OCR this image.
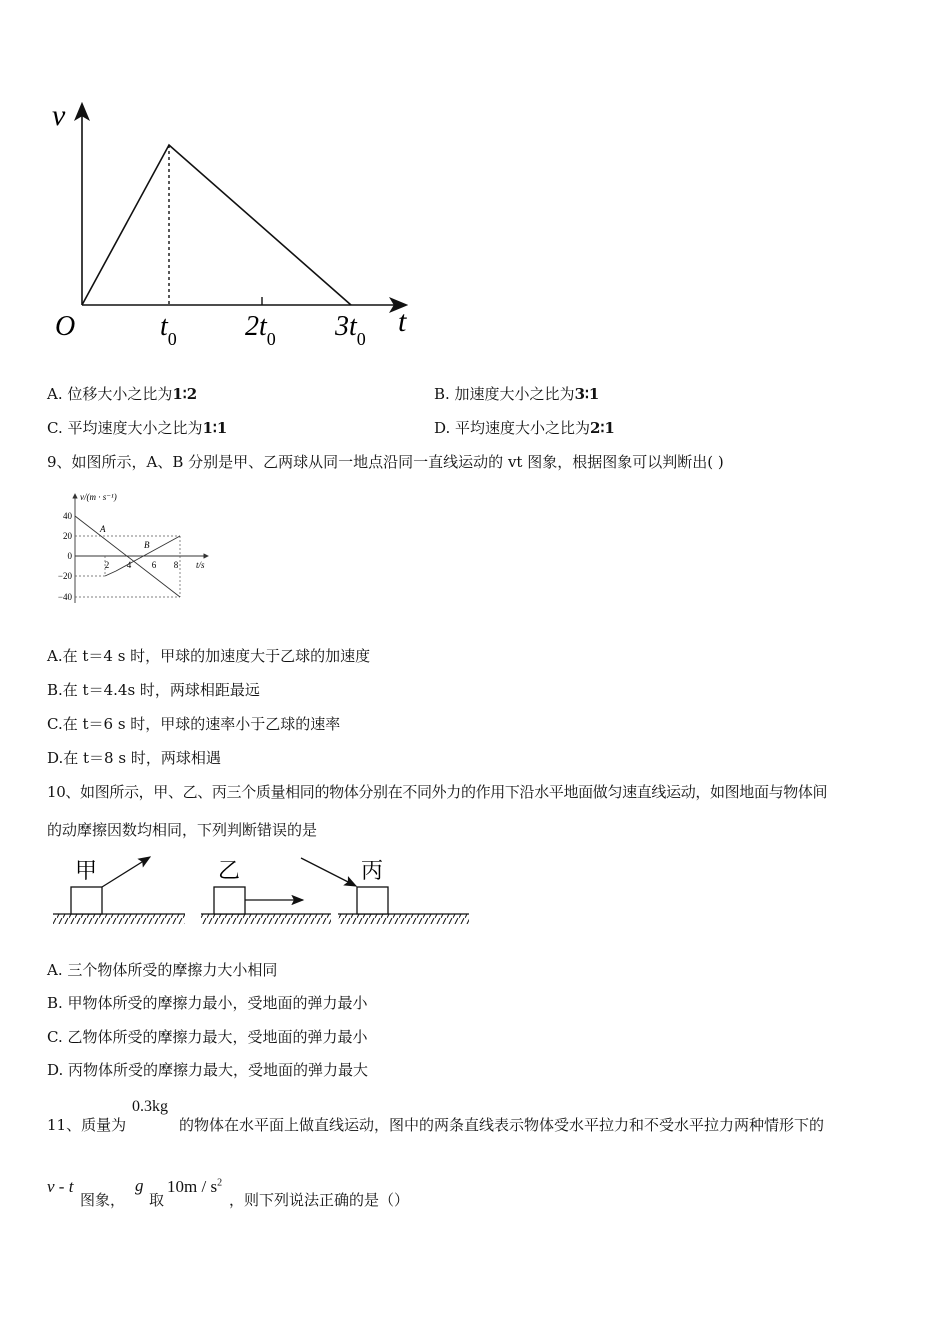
v
t
O	$t_0$ $2t_0$ $3t_0$
A. 位移大小之比为1∶2	B. 加速度大小之比为3∶1
C. 平均速度大小之比为1∶1	D. 平均速度大小之比为2∶1
9、如图所示，A、B 分别是甲、乙两球从同一地点沿同一直线运动的 vt 图象，根据图象可以判断出( )
v/(m · s⁻¹)
t/s
40
20
0
−20
−40
2 4 6 8
A
B
A.在 t＝4 s 时，甲球的加速度大于乙球的加速度
B.在 t＝4.4s 时，两球相距最远
C.在 t＝6 s 时，甲球的速率小于乙球的速率
D.在 t＝8 s 时，两球相遇
10、如图所示，甲、乙、丙三个质量相同的物体分别在不同外力的作用下沿水平地面做匀速直线运动，如图地面与物体间
的动摩擦因数均相同，下列判断错误的是
甲	乙	丙
A. 三个物体所受的摩擦力大小相同
B. 甲物体所受的摩擦力最小，受地面的弹力最小
C. 乙物体所受的摩擦力最大，受地面的弹力最小
D. 丙物体所受的摩擦力最大，受地面的弹力最大
11、质量为
0.3kg
的物体在水平面上做直线运动，图中的两条直线表示物体受水平拉力和不受水平拉力两种情形下的
v - t
图象，
g
取
$10m / s^2$
，则下列说法正确的是（）
